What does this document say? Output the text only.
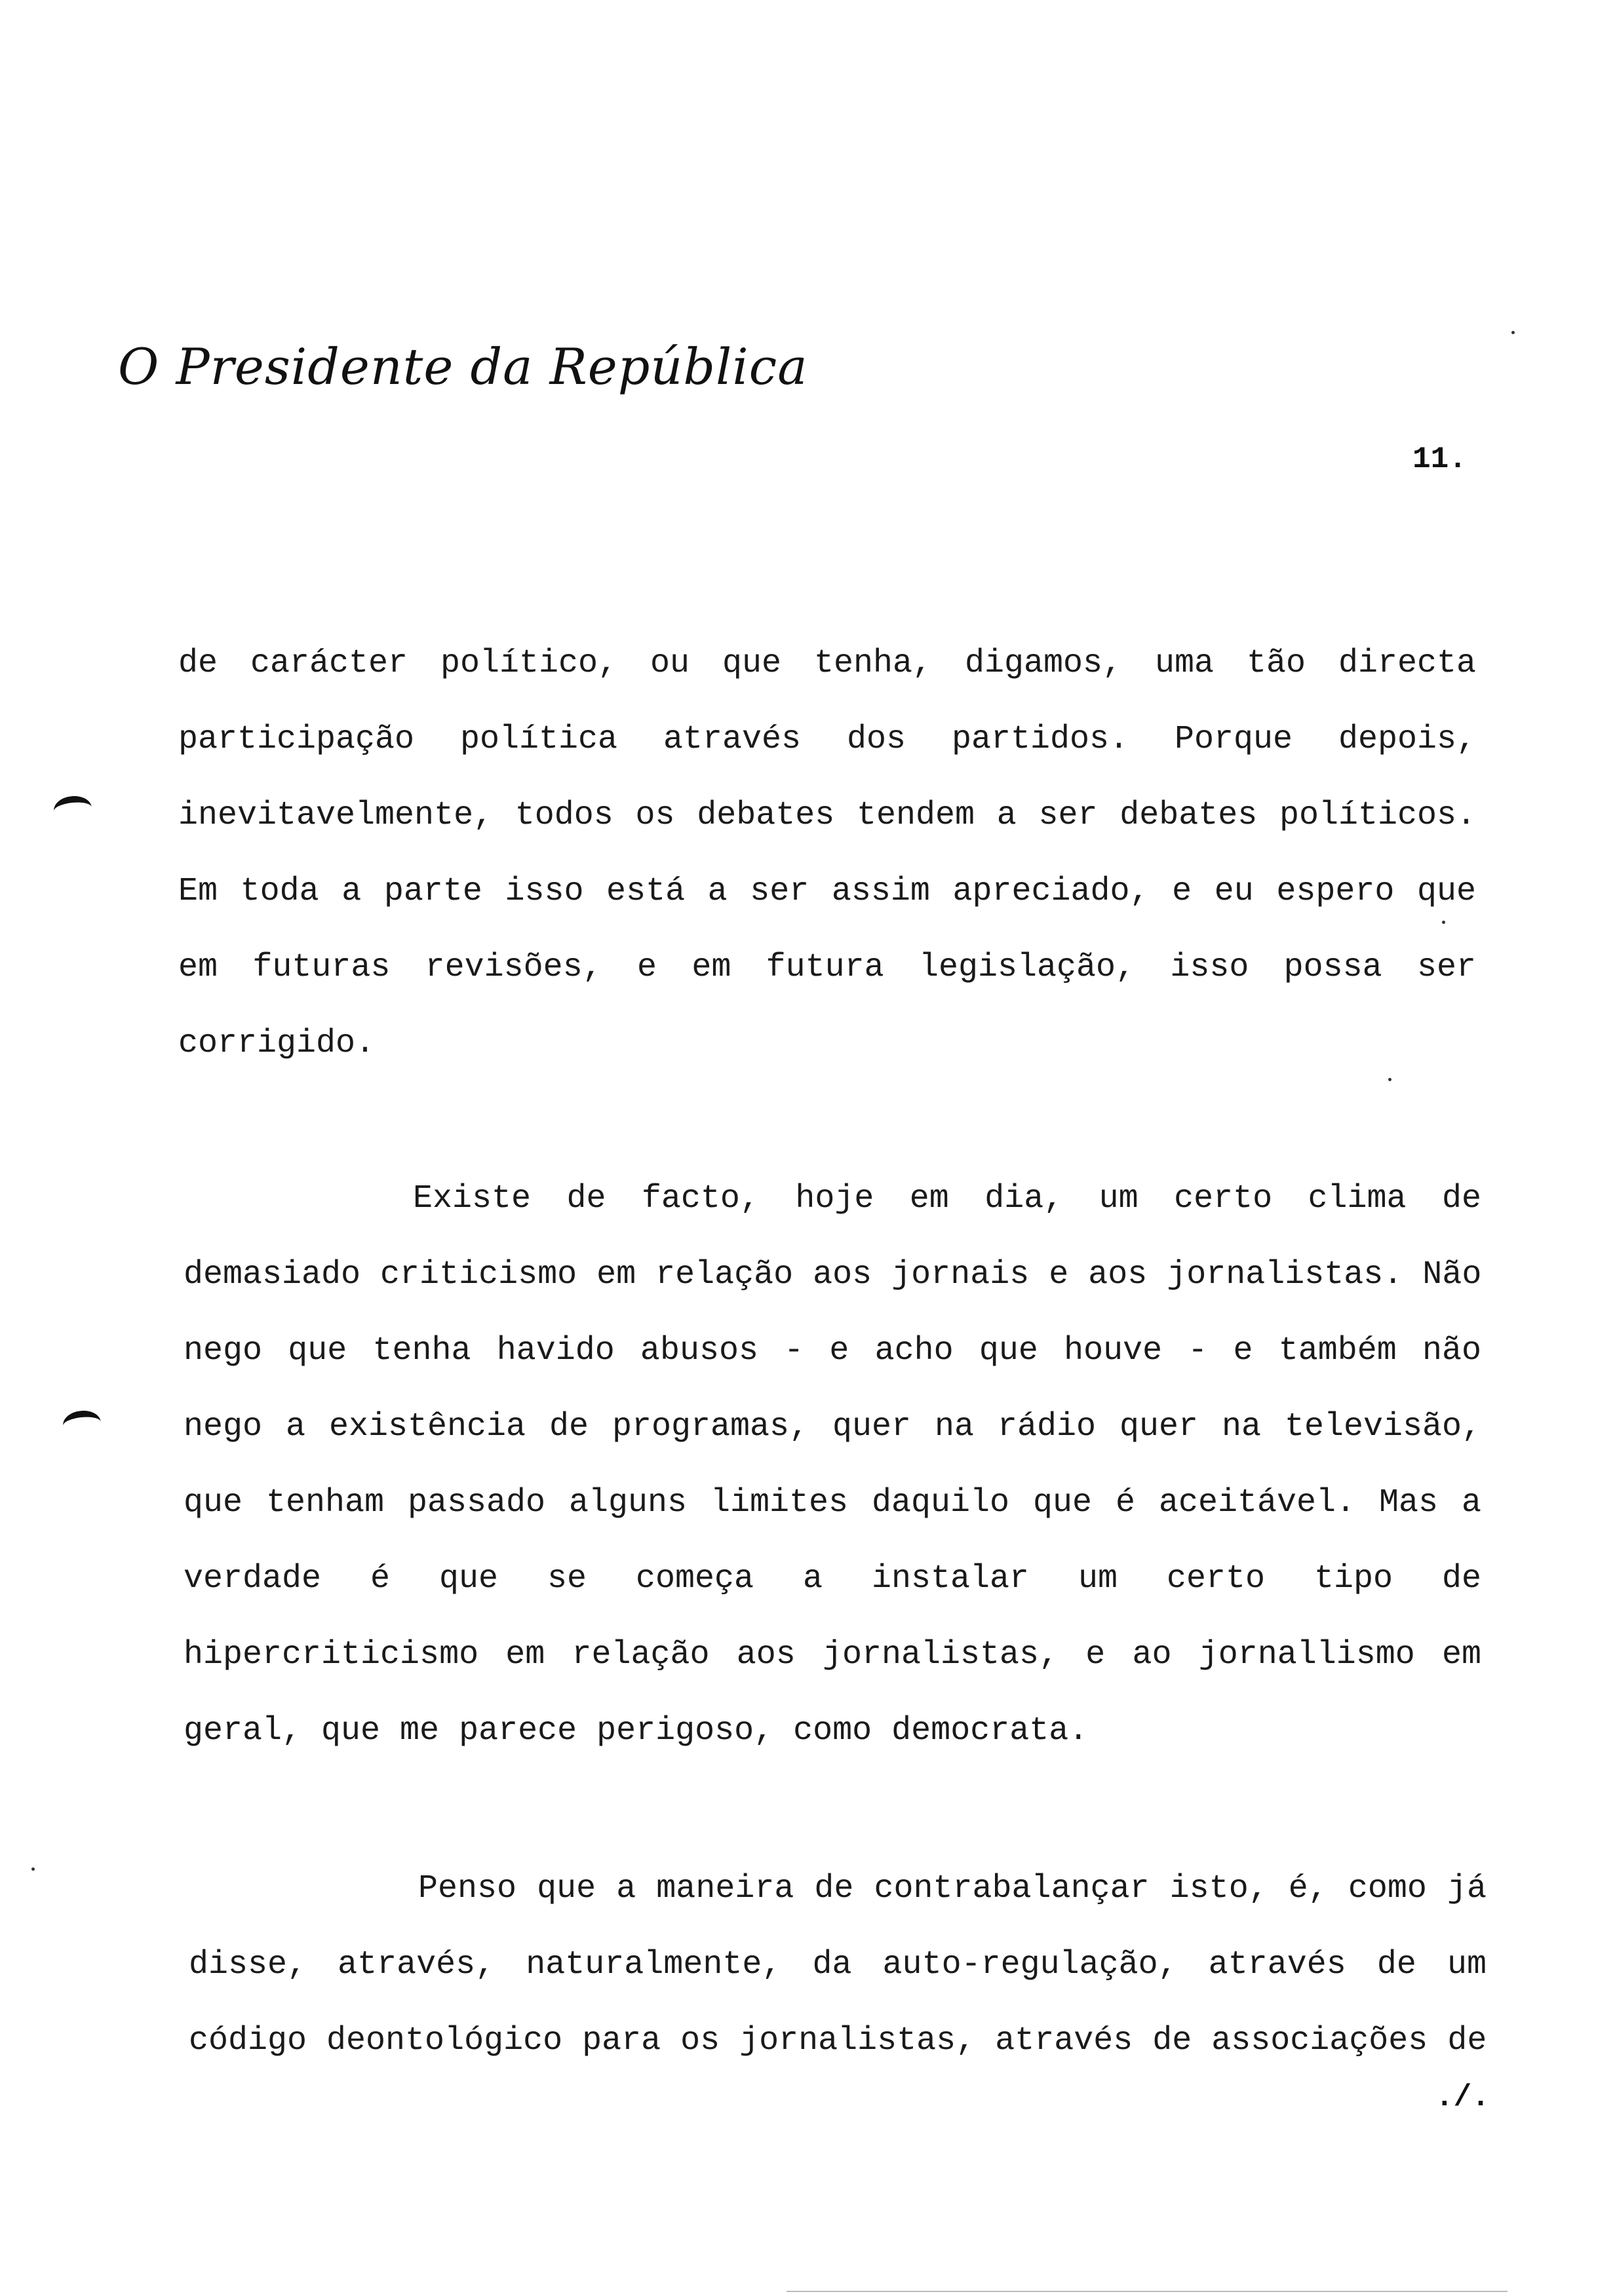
O Presidente da República
11.

de carácter político, ou que tenha, digamos, uma tão directa
participação política através dos partidos. Porque depois,
inevitavelmente, todos os debates tendem a ser debates políticos.
Em toda a parte isso está a ser assim apreciado, e eu espero que
em futuras revisões, e em futura legislação, isso possa ser
corrigido.

Existe de facto, hoje em dia, um certo clima de
demasiado criticismo em relação aos jornais e aos jornalistas. Não
nego que tenha havido abusos - e acho que houve - e também não
nego a existência de programas, quer na rádio quer na televisão,
que tenham passado alguns limites daquilo que é aceitável. Mas a
verdade é que se começa a instalar um certo tipo de
hipercriticismo em relação aos jornalistas, e ao jornallismo em
geral, que me parece perigoso, como democrata.

Penso que a maneira de contrabalançar isto, é, como já
disse, através, naturalmente, da auto-regulação, através de um
código deontológico para os jornalistas, através de associações de

./.
